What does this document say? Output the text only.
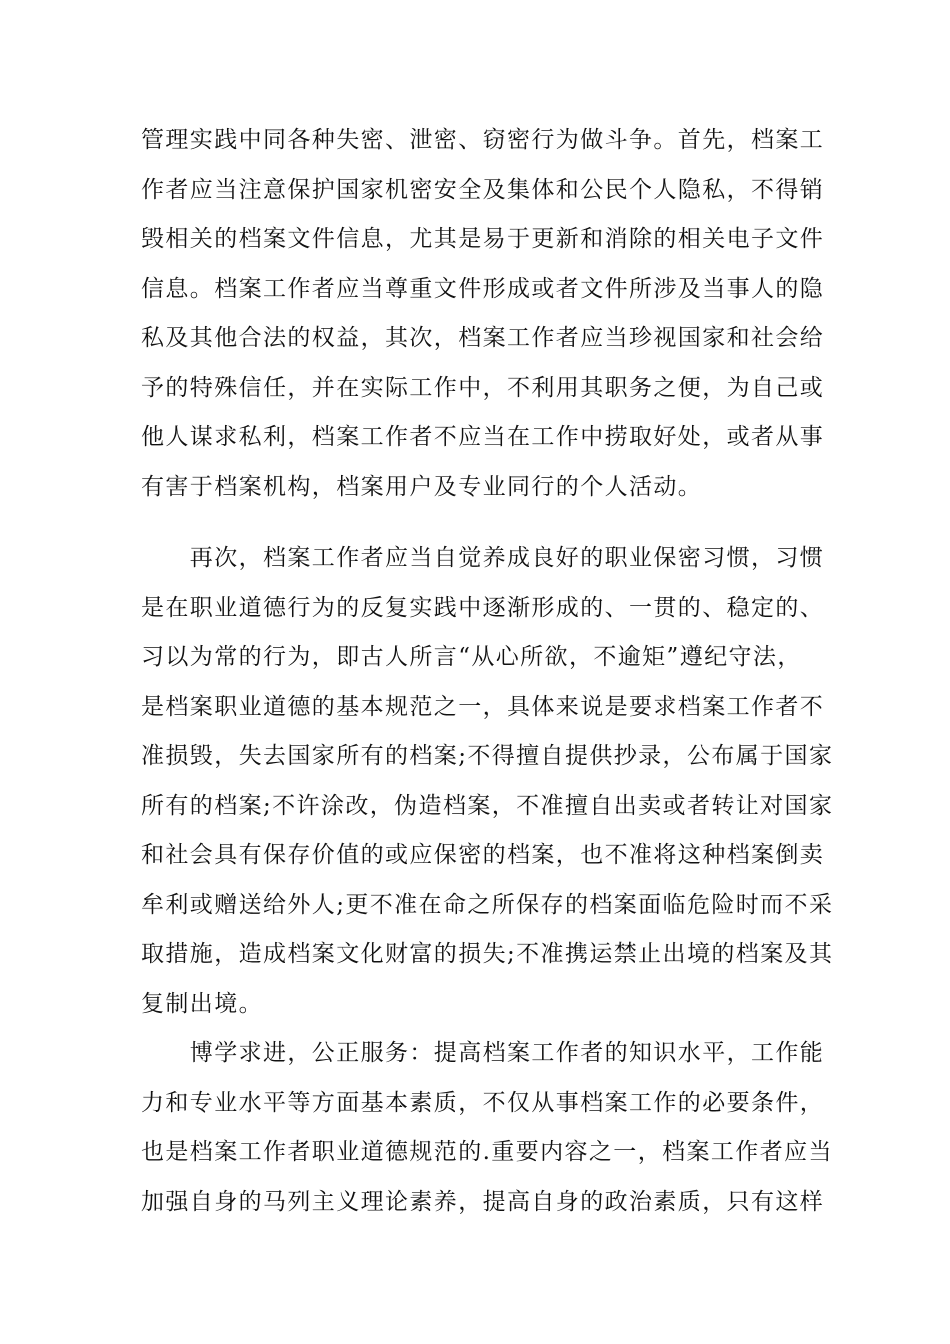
管理实践中同各种失密、泄密、窃密行为做斗争。首先，档案工
作者应当注意保护国家机密安全及集体和公民个人隐私，不得销
毁相关的档案文件信息，尤其是易于更新和消除的相关电子文件
信息。档案工作者应当尊重文件形成或者文件所涉及当事人的隐
私及其他合法的权益，其次，档案工作者应当珍视国家和社会给
予的特殊信任，并在实际工作中，不利用其职务之便，为自己或
他人谋求私利，档案工作者不应当在工作中捞取好处，或者从事
有害于档案机构，档案用户及专业同行的个人活动。
　　再次，档案工作者应当自觉养成良好的职业保密习惯，习惯
是在职业道德行为的反复实践中逐渐形成的、一贯的、稳定的、
习以为常的行为，即古人所言“从心所欲，不逾矩”遵纪守法，
是档案职业道德的基本规范之一，具体来说是要求档案工作者不
准损毁，失去国家所有的档案;不得擅自提供抄录，公布属于国家
所有的档案;不许涂改，伪造档案，不准擅自出卖或者转让对国家
和社会具有保存价值的或应保密的档案，也不准将这种档案倒卖
牟利或赠送给外人;更不准在命之所保存的档案面临危险时而不采
取措施，造成档案文化财富的损失;不准携运禁止出境的档案及其
复制出境。
　　博学求进，公正服务：提高档案工作者的知识水平，工作能
力和专业水平等方面基本素质，不仅从事档案工作的必要条件，
也是档案工作者职业道德规范的.重要内容之一，档案工作者应当
加强自身的马列主义理论素养，提高自身的政治素质，只有这样
